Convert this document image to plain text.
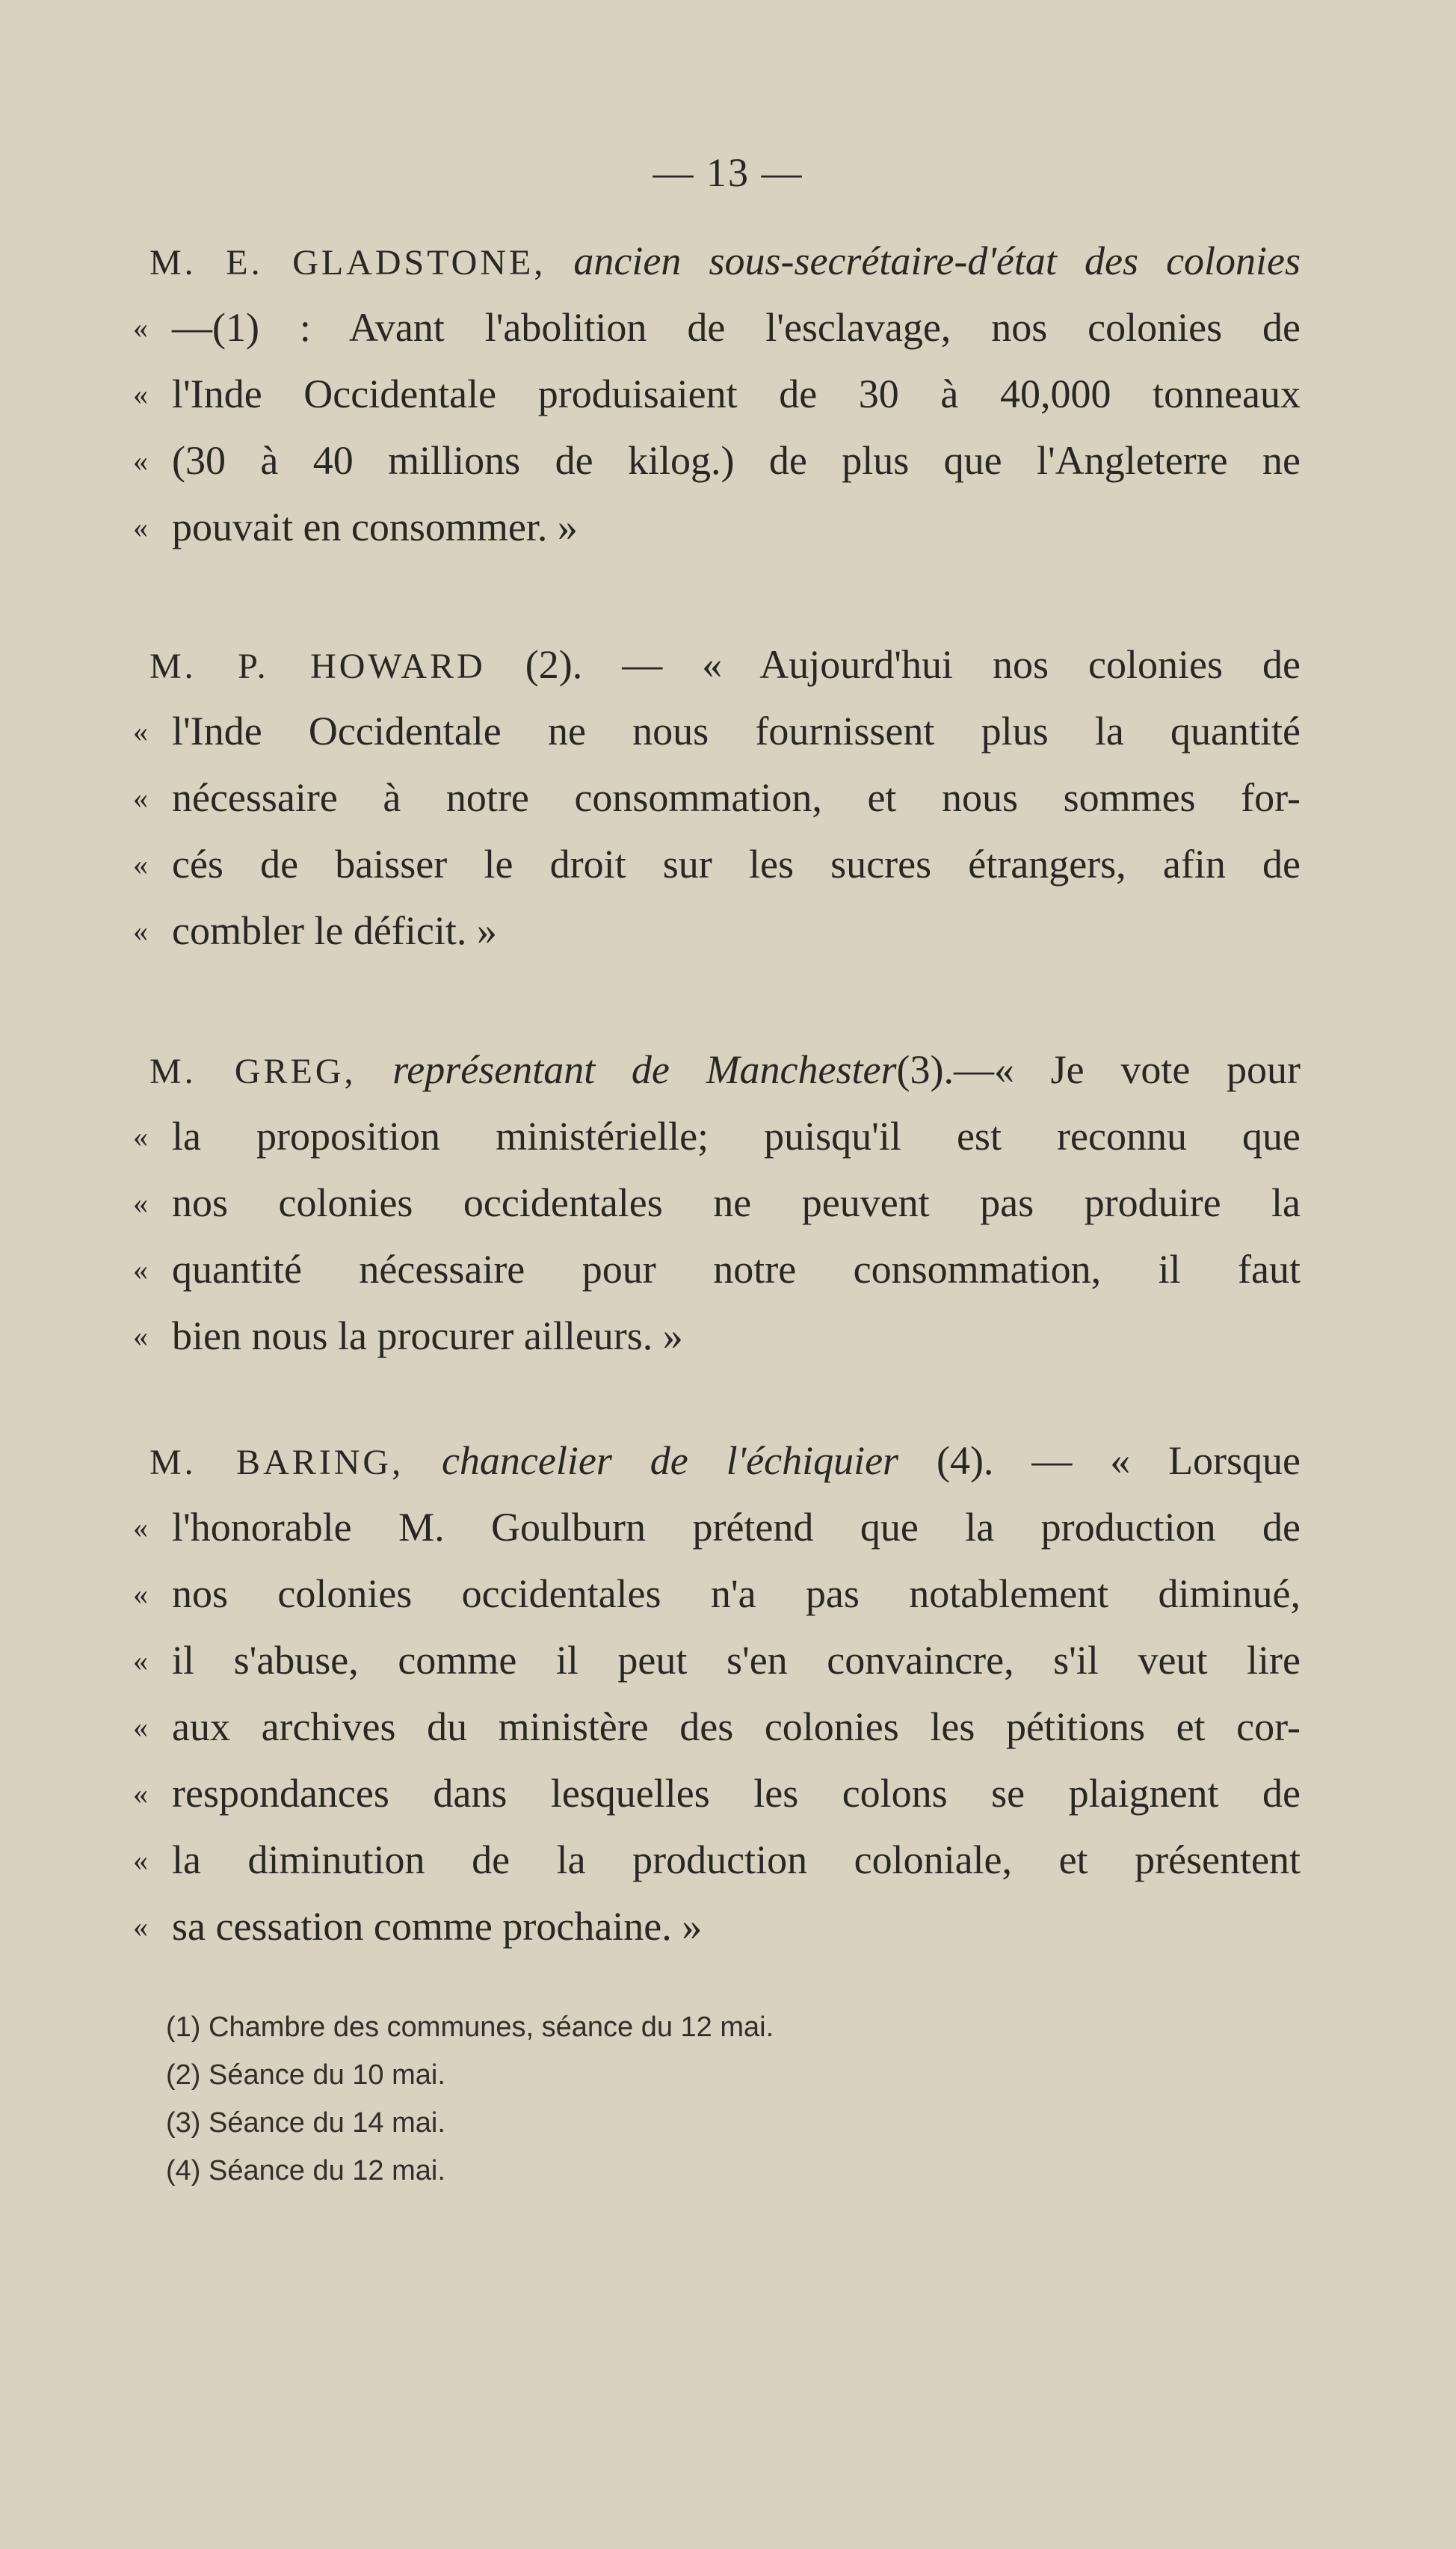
— 13 —
M. E. GLADSTONE, ancien sous-secrétaire-d'état des colonies
« —(1) : Avant l'abolition de l'esclavage, nos colonies de
« l'Inde Occidentale produisaient de 30 à 40,000 tonneaux
« (30 à 40 millions de kilog.) de plus que l'Angleterre ne
« pouvait en consommer. »
M. P. HOWARD (2). — « Aujourd'hui nos colonies de
« l'Inde Occidentale ne nous fournissent plus la quantité
« nécessaire à notre consommation, et nous sommes for-
« cés de baisser le droit sur les sucres étrangers, afin de
« combler le déficit. »
M. GREG, représentant de Manchester(3).—« Je vote pour
« la proposition ministérielle; puisqu'il est reconnu que
« nos colonies occidentales ne peuvent pas produire la
« quantité nécessaire pour notre consommation, il faut
« bien nous la procurer ailleurs. »
M. BARING, chancelier de l'échiquier (4). — « Lorsque
« l'honorable M. Goulburn prétend que la production de
« nos colonies occidentales n'a pas notablement diminué,
« il s'abuse, comme il peut s'en convaincre, s'il veut lire
« aux archives du ministère des colonies les pétitions et cor-
« respondances dans lesquelles les colons se plaignent de
« la diminution de la production coloniale, et présentent
« sa cessation comme prochaine. »
(1) Chambre des communes, séance du 12 mai.
(2) Séance du 10 mai.
(3) Séance du 14 mai.
(4) Séance du 12 mai.
